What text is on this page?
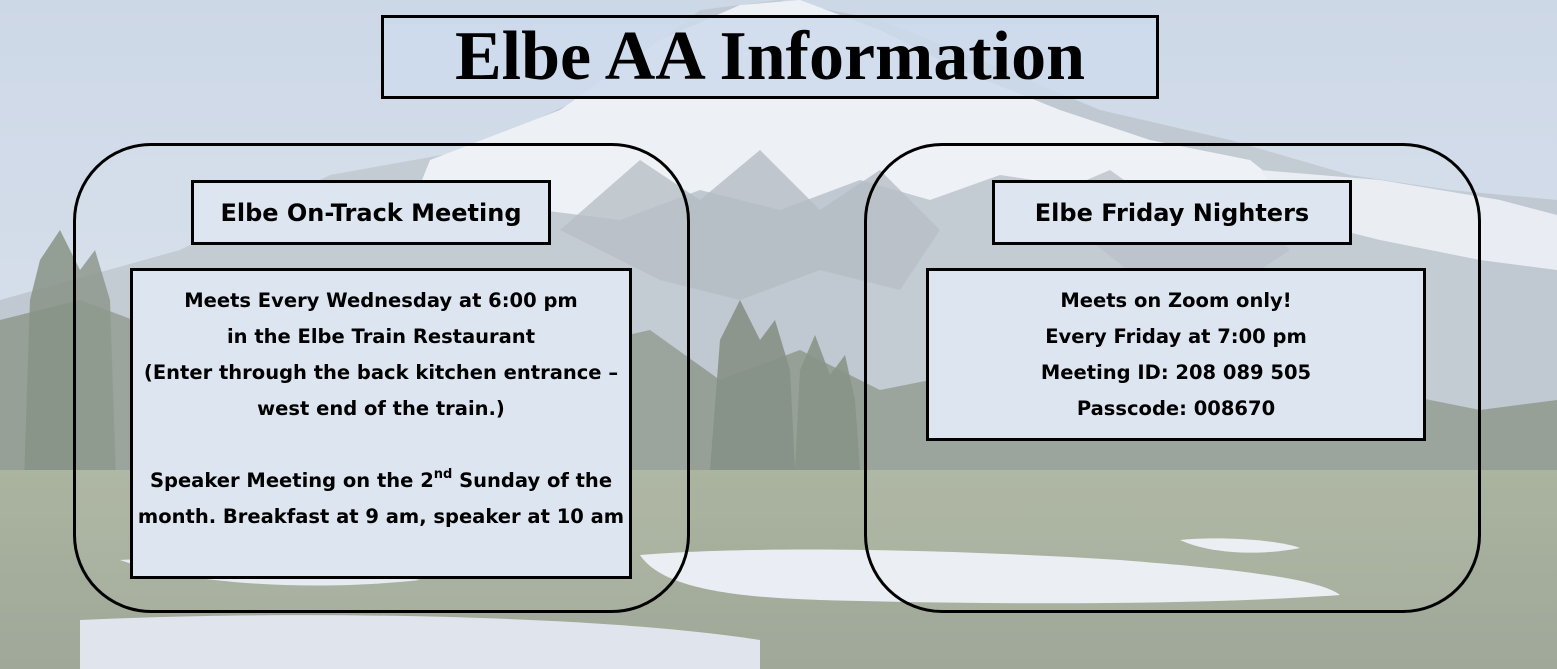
Elbe AA Information
Elbe On-Track Meeting	Elbe Friday Nighters
Meets Every Wednesday at 6:00 pm
in the Elbe Train Restaurant
(Enter through the back kitchen entrance –
west end of the train.)
Speaker Meeting on the 2nd Sunday of the
month. Breakfast at 9 am, speaker at 10 am
Meets on Zoom only!
Every Friday at 7:00 pm
Meeting ID: 208 089 505
Passcode: 008670
